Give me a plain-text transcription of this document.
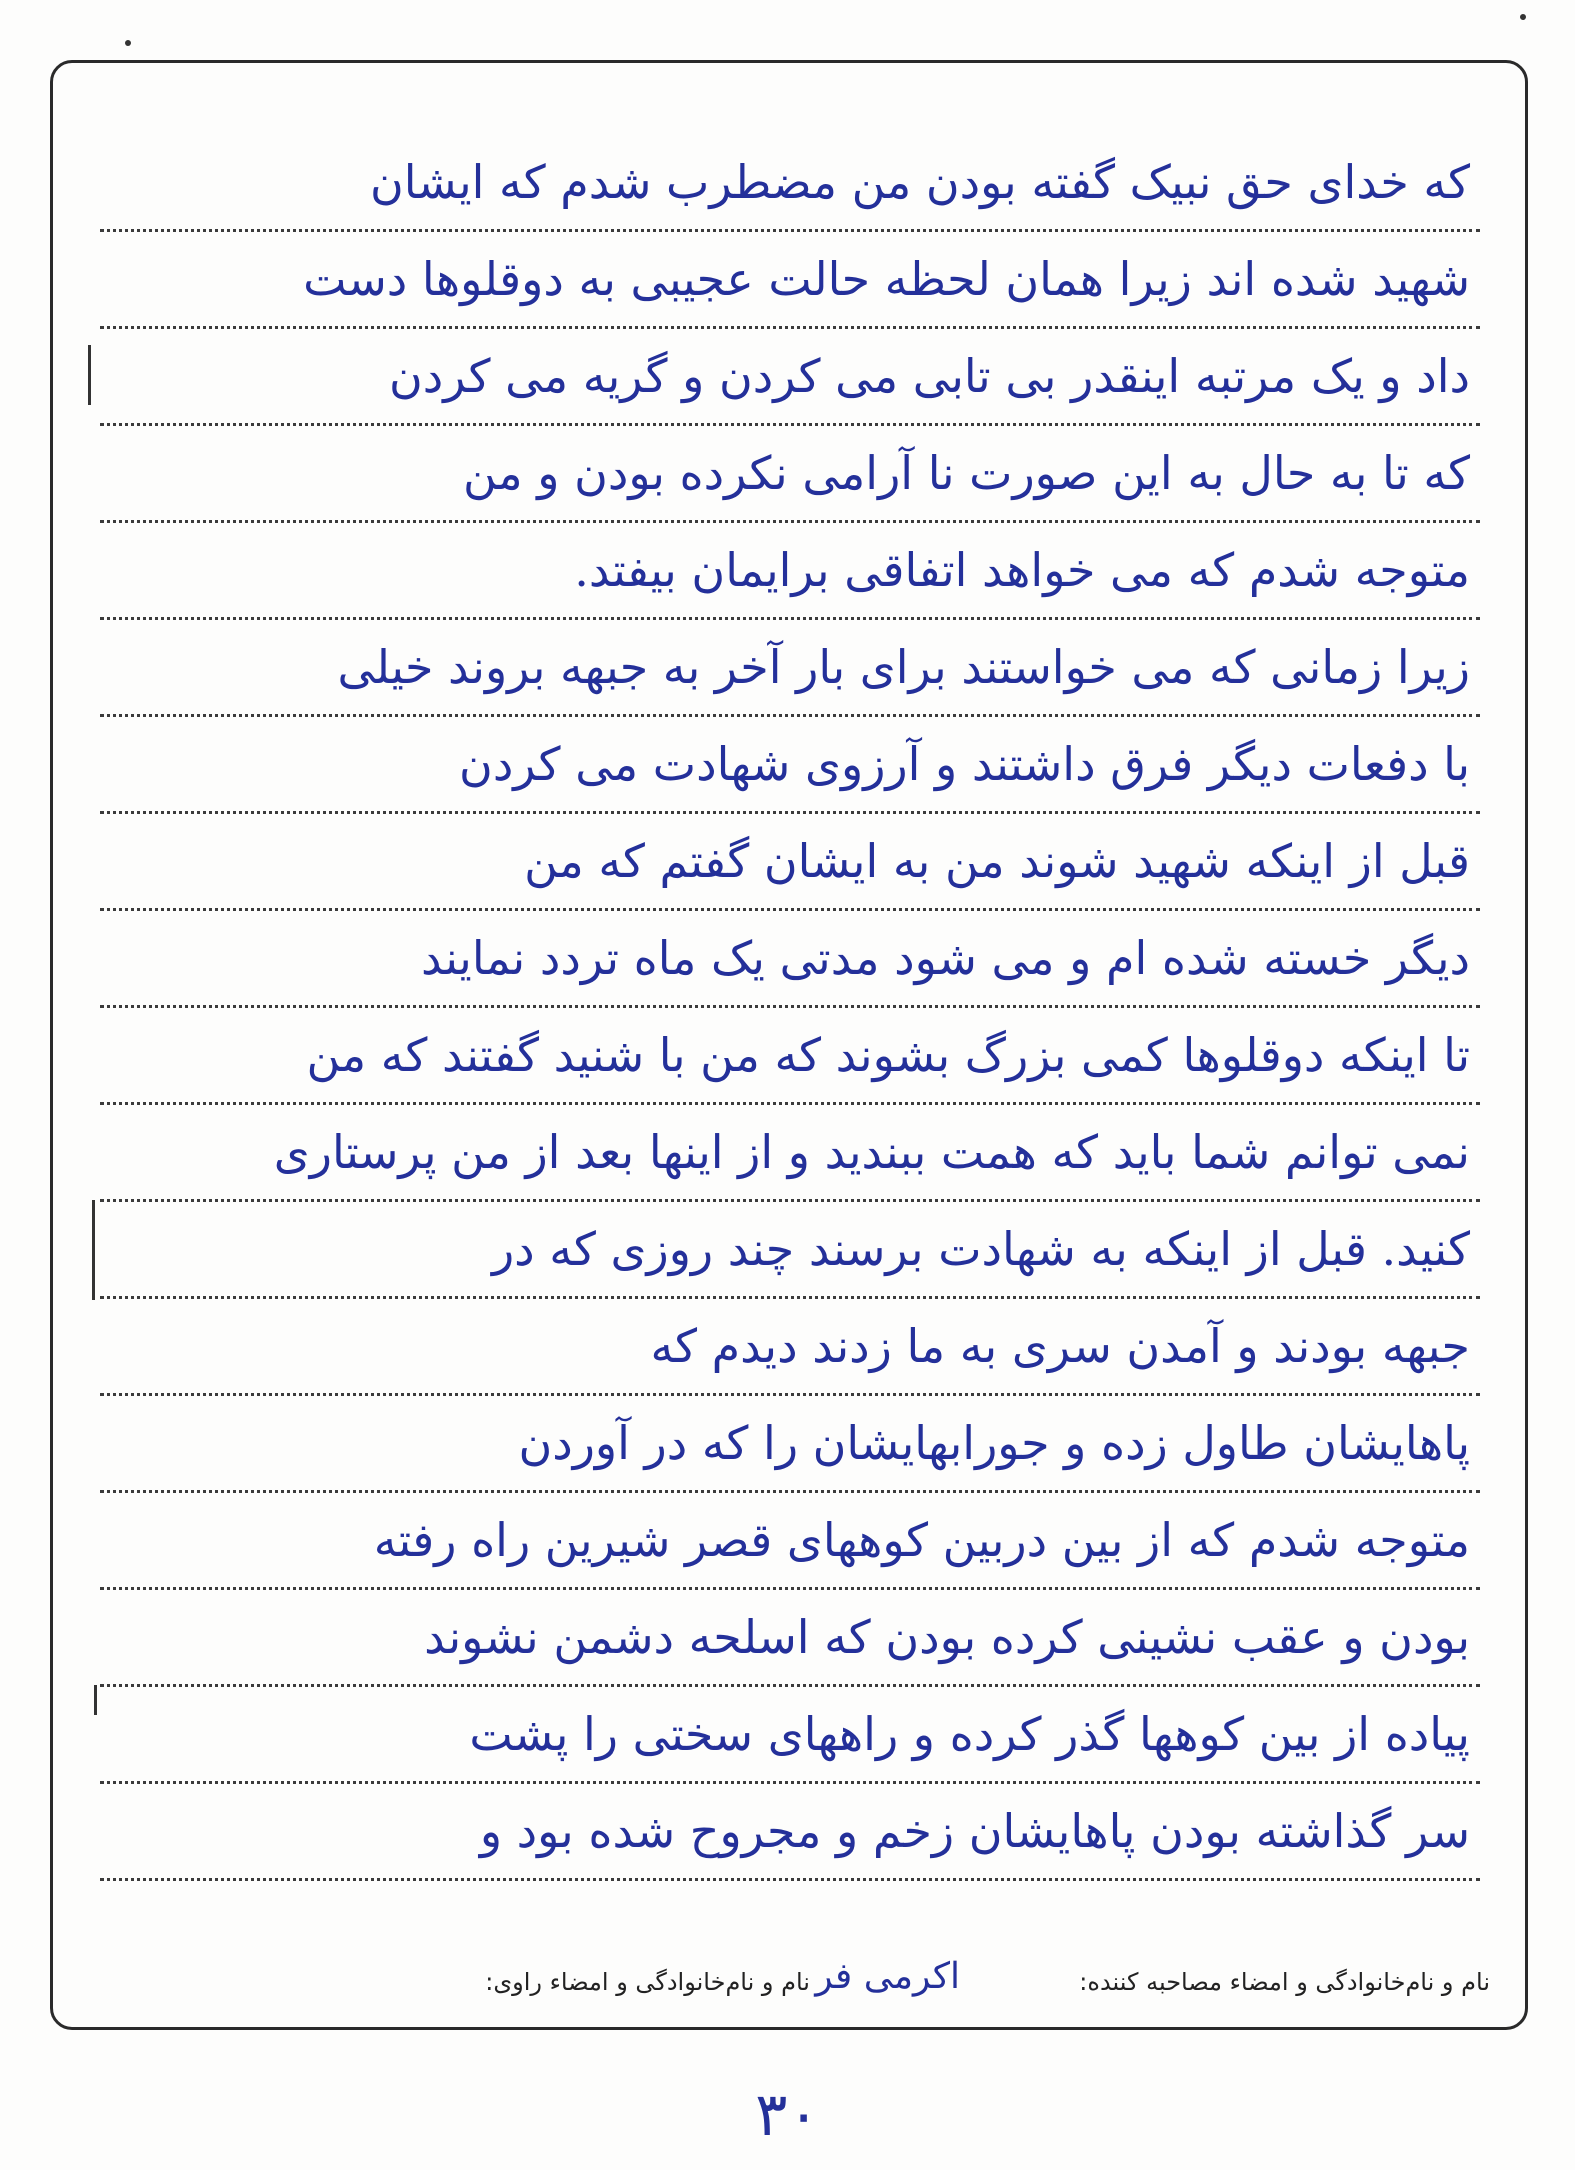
که خدای حق نبیک گفته بودن من مضطرب شدم که ایشان
شهید شده اند زیرا همان لحظه حالت عجیبی به دوقلوها دست
داد و یک مرتبه اینقدر بی تابی می کردن و گریه می کردن
که تا به حال به این صورت نا آرامی نکرده بودن و من
متوجه شدم که می خواهد اتفاقی برایمان بیفتد.
زیرا زمانی که می خواستند برای بار آخر به جبهه بروند خیلی
با دفعات دیگر فرق داشتند و آرزوی شهادت می کردن
قبل از اینکه شهید شوند من به ایشان گفتم که من
دیگر خسته شده ام و می شود مدتی یک ماه تردد نمایند
تا اینکه دوقلوها کمی بزرگ بشوند که من با شنید گفتند که من
نمی توانم شما باید که همت ببندید و از اینها بعد از من پرستاری
کنید. قبل از اینکه به شهادت برسند چند روزی که در
جبهه بودند و آمدن سری به ما زدند دیدم که
پاهایشان طاول زده و جورابهایشان را که در آوردن
متوجه شدم که از بین دربین کوههای قصر شیرین راه رفته
بودن و عقب نشینی کرده بودن که اسلحه دشمن نشوند
پیاده از بین کوهها گذر کرده و راههای سختی را پشت
سر گذاشته بودن پاهایشان زخم و مجروح شده بود و
نام و نام‌خانوادگی و امضاء مصاحبه کننده:
اکرمی فر
نام و نام‌خانوادگی و امضاء راوی:
۳۰
